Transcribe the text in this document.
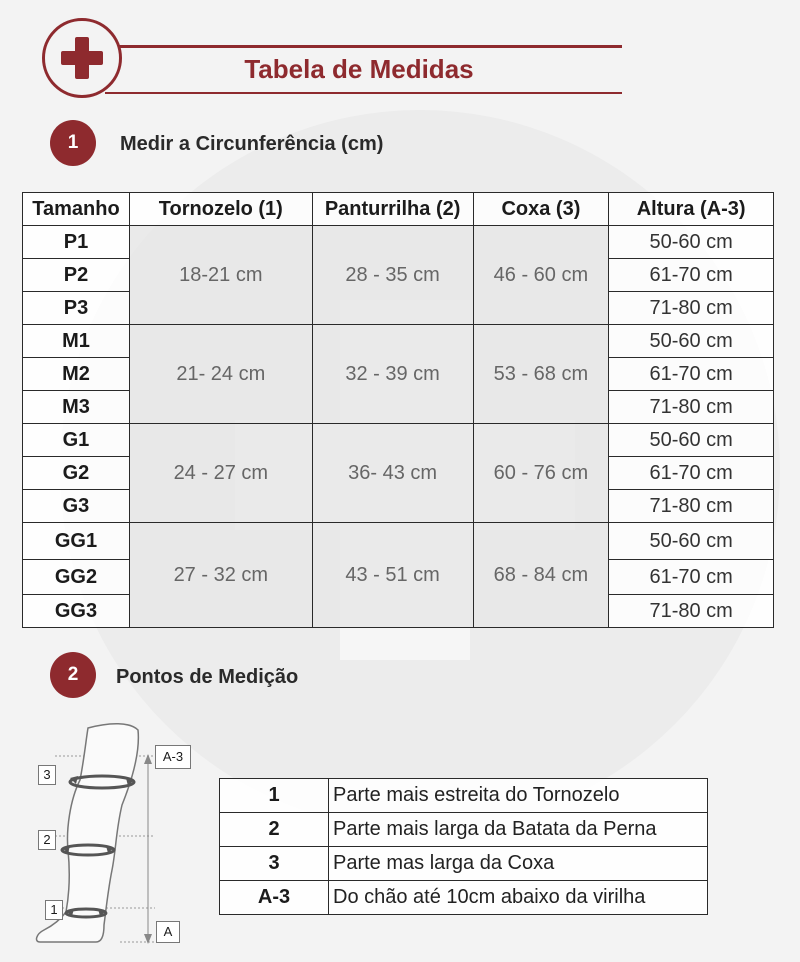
Tabela de Medidas
1	Medir a Circunferência (cm)
Tamanho	Tornozelo (1)	Panturrilha (2)	Coxa (3)	Altura (A-3)
P1	18-21 cm	28 - 35 cm	46 - 60 cm	50-60 cm
P2				61-70 cm
P3				71-80 cm
M1	21- 24 cm	32 - 39 cm	53 - 68 cm	50-60 cm
M2				61-70 cm
M3				71-80 cm
G1	24 - 27 cm	36- 43 cm	60 - 76 cm	50-60 cm
G2				61-70 cm
G3				71-80 cm
GG1	27 - 32 cm	43 - 51 cm	68 - 84 cm	50-60 cm
GG2				61-70 cm
GG3				71-80 cm
2	Pontos de Medição
A-3
A
3
2
1
1	Parte mais estreita do Tornozelo
2	Parte mais larga da Batata da Perna
3	Parte mas larga da Coxa
A-3	Do chão até 10cm abaixo da virilha
